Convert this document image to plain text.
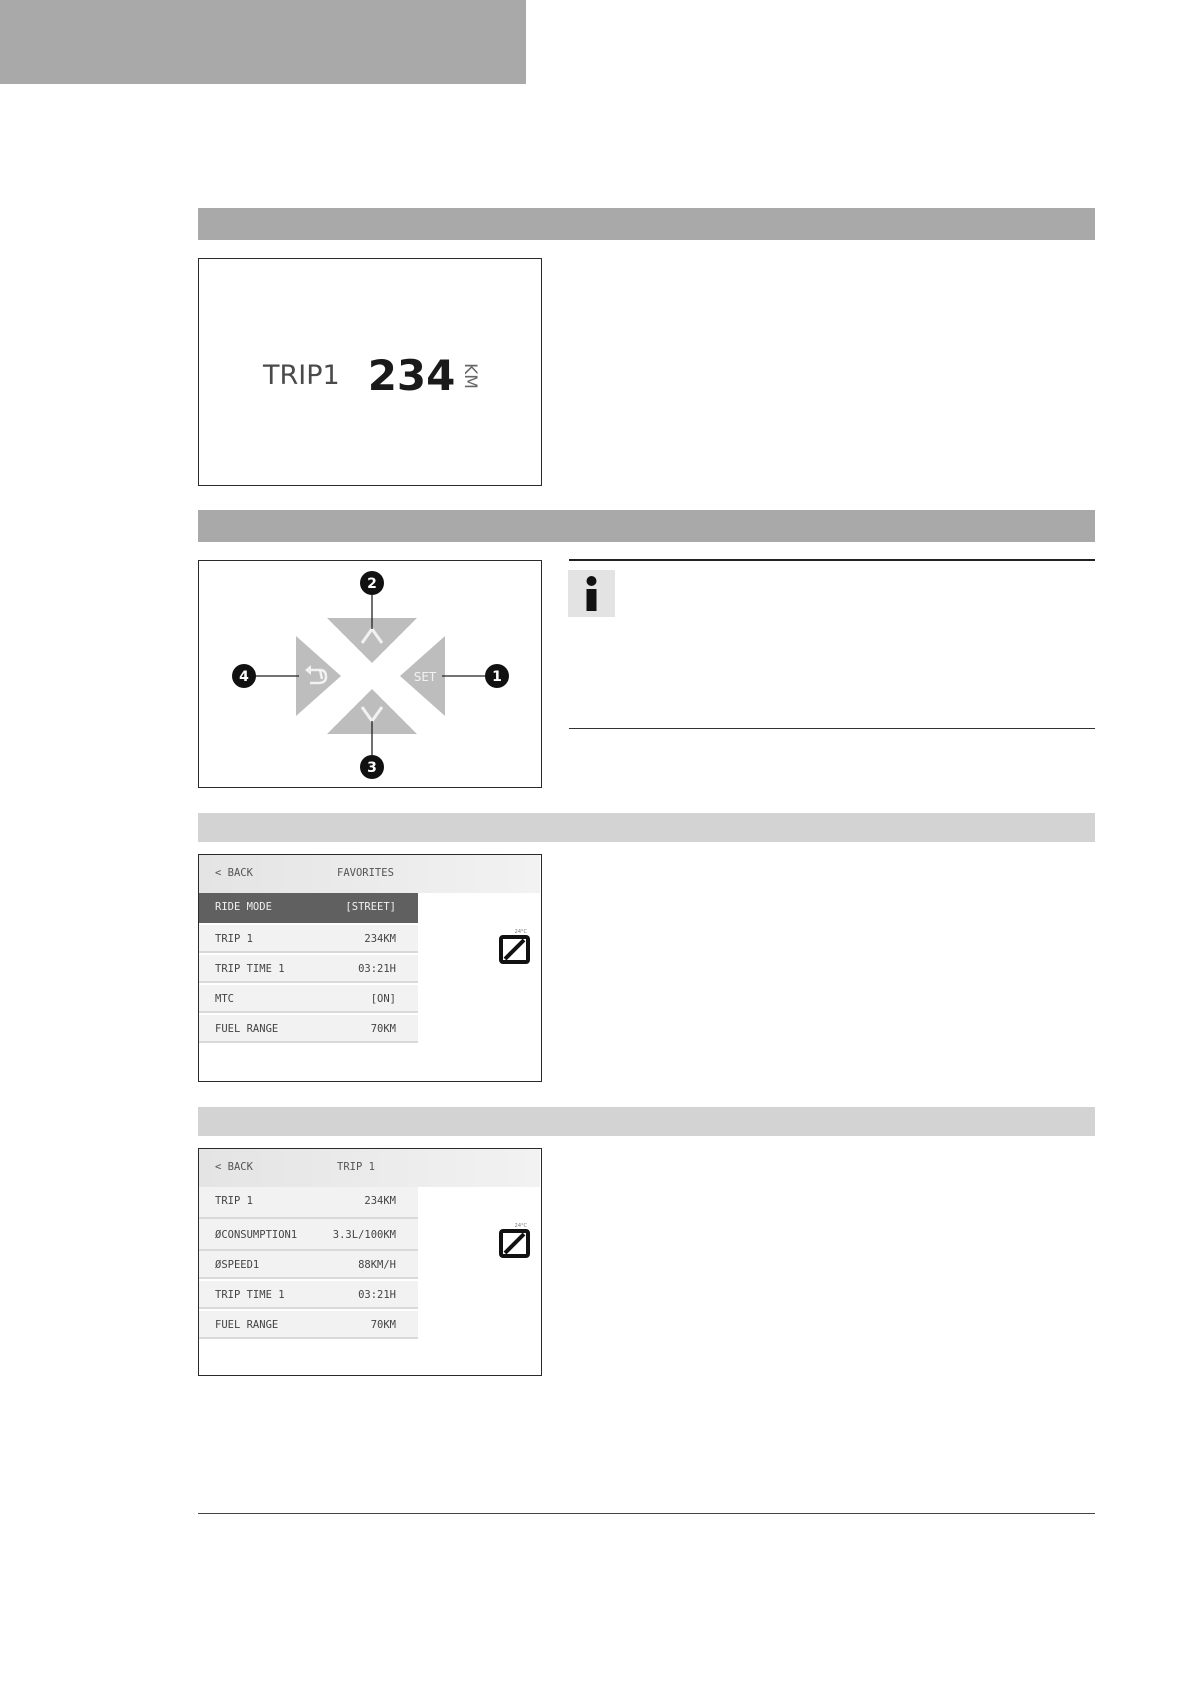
TRIP1 234 KM
SET	1
2
3
4
< BACK	FAVORITES
RIDE MODE	[STREET]
TRIP 1	234KM
TRIP TIME 1	03:21H
MTC	[ON]
FUEL RANGE	70KM
24°C
< BACK	TRIP 1
TRIP 1	234KM
ØCONSUMPTION1	3.3L/100KM
ØSPEED1	88KM/H
TRIP TIME 1	03:21H
FUEL RANGE	70KM
24°C
